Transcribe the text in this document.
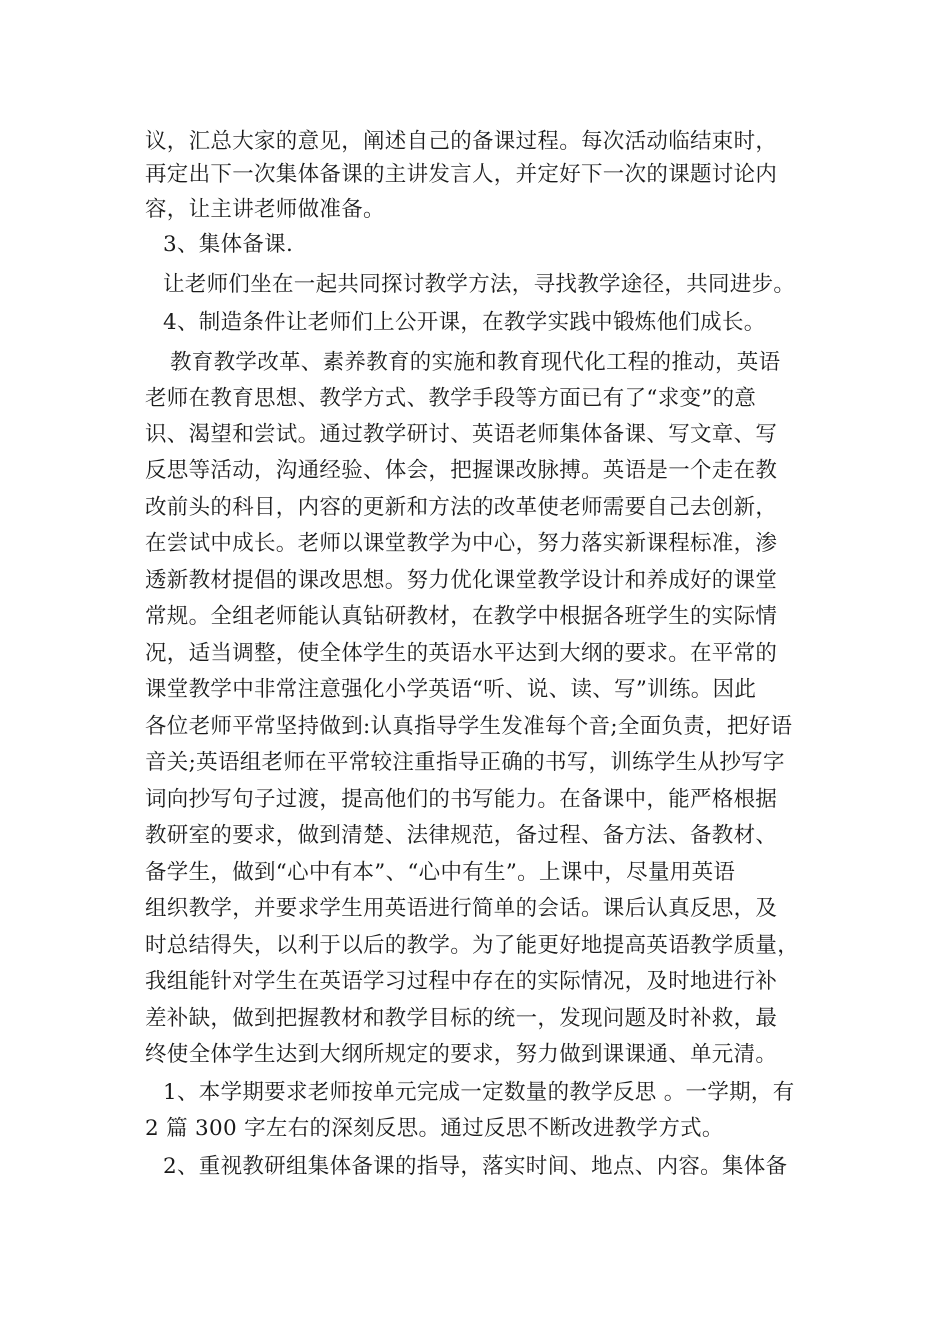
议，汇总大家的意见，阐述自己的备课过程。每次活动临结束时，
再定出下一次集体备课的主讲发言人，并定好下一次的课题讨论内
容，让主讲老师做准备。
3、集体备课.
让老师们坐在一起共同探讨教学方法，寻找教学途径，共同进步。
4、制造条件让老师们上公开课，在教学实践中锻炼他们成长。
教育教学改革、素养教育的实施和教育现代化工程的推动，英语
老师在教育思想、教学方式、教学手段等方面已有了“求变”的意
识、渴望和尝试。通过教学研讨、英语老师集体备课、写文章、写
反思等活动，沟通经验、体会，把握课改脉搏。英语是一个走在教
改前头的科目，内容的更新和方法的改革使老师需要自己去创新，
在尝试中成长。老师以课堂教学为中心，努力落实新课程标准，渗
透新教材提倡的课改思想。努力优化课堂教学设计和养成好的课堂
常规。全组老师能认真钻研教材，在教学中根据各班学生的实际情
况，适当调整，使全体学生的英语水平达到大纲的要求。在平常的
课堂教学中非常注意强化小学英语“听、说、读、写”训练。因此
各位老师平常坚持做到:认真指导学生发准每个音;全面负责，把好语
音关;英语组老师在平常较注重指导正确的书写，训练学生从抄写字
词向抄写句子过渡，提高他们的书写能力。在备课中，能严格根据
教研室的要求，做到清楚、法律规范，备过程、备方法、备教材、
备学生，做到“心中有本”、“心中有生”。上课中，尽量用英语
组织教学，并要求学生用英语进行简单的会话。课后认真反思，及
时总结得失，以利于以后的教学。为了能更好地提高英语教学质量，
我组能针对学生在英语学习过程中存在的实际情况，及时地进行补
差补缺，做到把握教材和教学目标的统一，发现问题及时补救，最
终使全体学生达到大纲所规定的要求，努力做到课课通、单元清。
1、本学期要求老师按单元完成一定数量的教学反思 。一学期，有
2 篇 300 字左右的深刻反思。通过反思不断改进教学方式。
2、重视教研组集体备课的指导，落实时间、地点、内容。集体备
